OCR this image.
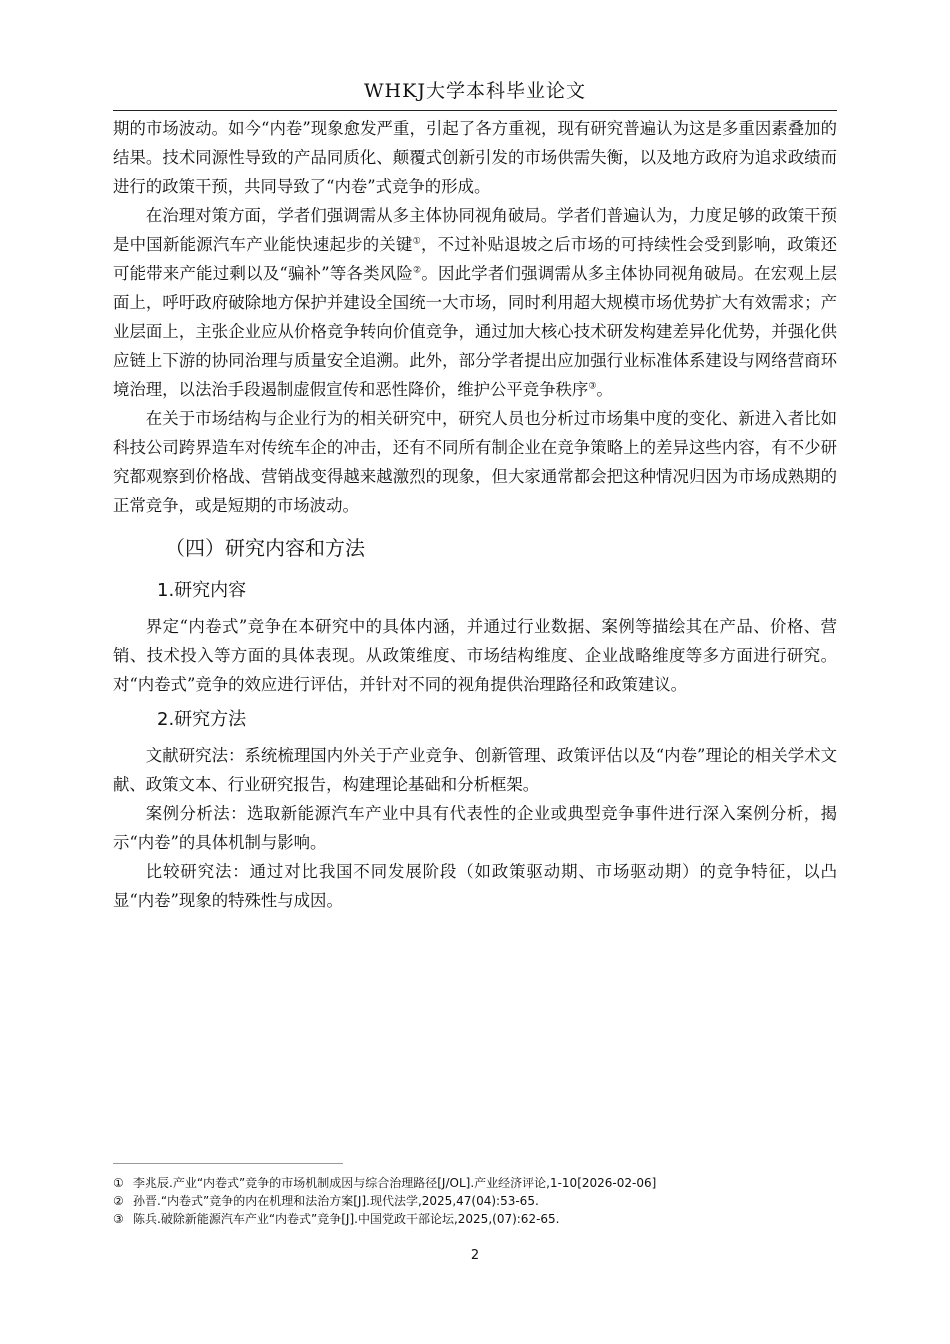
WHKJ大学本科毕业论文

期的市场波动。如今“内卷”现象愈发严重，引起了各方重视，现有研究普遍认为这是多重因素叠加的结果。技术同源性导致的产品同质化、颠覆式创新引发的市场供需失衡，以及地方政府为追求政绩而进行的政策干预，共同导致了“内卷”式竞争的形成。

在治理对策方面，学者们强调需从多主体协同视角破局。学者们普遍认为，力度足够的政策干预是中国新能源汽车产业能快速起步的关键①，不过补贴退坡之后市场的可持续性会受到影响，政策还可能带来产能过剩以及“骗补”等各类风险②。因此学者们强调需从多主体协同视角破局。在宏观上层面上，呼吁政府破除地方保护并建设全国统一大市场，同时利用超大规模市场优势扩大有效需求；产业层面上，主张企业应从价格竞争转向价值竞争，通过加大核心技术研发构建差异化优势，并强化供应链上下游的协同治理与质量安全追溯。此外，部分学者提出应加强行业标准体系建设与网络营商环境治理，以法治手段遏制虚假宣传和恶性降价，维护公平竞争秩序③。

在关于市场结构与企业行为的相关研究中，研究人员也分析过市场集中度的变化、新进入者比如科技公司跨界造车对传统车企的冲击，还有不同所有制企业在竞争策略上的差异这些内容，有不少研究都观察到价格战、营销战变得越来越激烈的现象，但大家通常都会把这种情况归因为市场成熟期的正常竞争，或是短期的市场波动。

（四）研究内容和方法
1.研究内容

界定“内卷式”竞争在本研究中的具体内涵，并通过行业数据、案例等描绘其在产品、价格、营销、技术投入等方面的具体表现。从政策维度、市场结构维度、企业战略维度等多方面进行研究。对“内卷式”竞争的效应进行评估，并针对不同的视角提供治理路径和政策建议。

2.研究方法

文献研究法：系统梳理国内外关于产业竞争、创新管理、政策评估以及“内卷”理论的相关学术文献、政策文本、行业研究报告，构建理论基础和分析框架。

案例分析法：选取新能源汽车产业中具有代表性的企业或典型竞争事件进行深入案例分析，揭示“内卷”的具体机制与影响。

比较研究法：通过对比我国不同发展阶段（如政策驱动期、市场驱动期）的竞争特征，以凸显“内卷”现象的特殊性与成因。

① 李兆辰.产业“内卷式”竞争的市场机制成因与综合治理路径[J/OL].产业经济评论,1-10[2026-02-06]
② 孙晋.“内卷式”竞争的内在机理和法治方案[J].现代法学,2025,47(04):53-65.
③ 陈兵.破除新能源汽车产业“内卷式”竞争[J].中国党政干部论坛,2025,(07):62-65.
2
